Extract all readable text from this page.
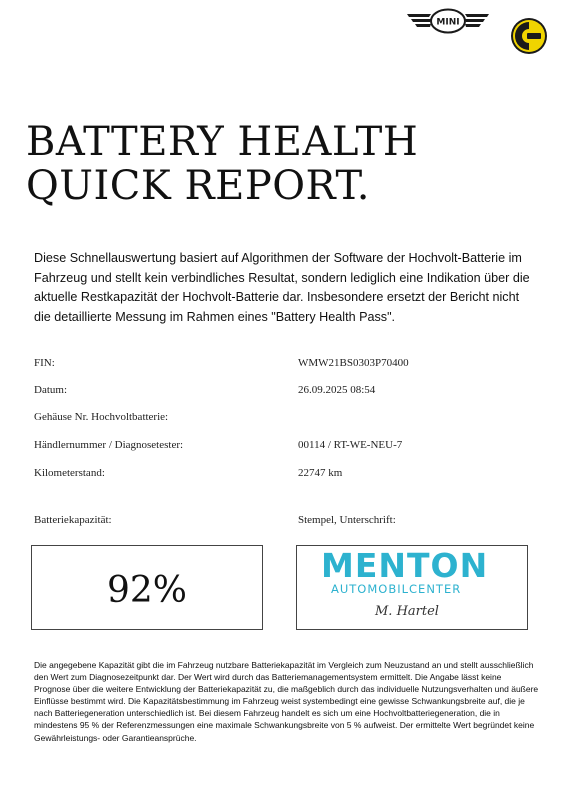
MINI
BATTERY HEALTH
QUICK REPORT.

Diese Schnellauswertung basiert auf Algorithmen der Software der Hochvolt-Batterie im Fahrzeug und stellt kein verbindliches Resultat, sondern lediglich eine Indikation über die aktuelle Restkapazität der Hochvolt-Batterie dar. Insbesondere ersetzt der Bericht nicht die detaillierte Messung im Rahmen eines "Battery Health Pass".

FIN:	WMW21BS0303P70400
Datum:	26.09.2025 08:54
Gehäuse Nr. Hochvoltbatterie:
Händlernummer / Diagnosetester:	00114 / RT-WE-NEU-7
Kilometerstand:	22747 km
Batteriekapazität:	Stempel, Unterschrift:
92%
MENTON
AUTOMOBILCENTER
M. Hartel

Die angegebene Kapazität gibt die im Fahrzeug nutzbare Batteriekapazität im Vergleich zum Neuzustand an und stellt ausschließlich den Wert zum Diagnosezeitpunkt dar. Der Wert wird durch das Batteriemanagementsystem ermittelt. Die Angabe lässt keine Prognose über die weitere Entwicklung der Batteriekapazität zu, die maßgeblich durch das individuelle Nutzungsverhalten und äußere Einflüsse bestimmt wird. Die Kapazitätsbestimmung im Fahrzeug weist systembedingt eine gewisse Schwankungsbreite auf, die je nach Batteriegeneration unterschiedlich ist. Bei diesem Fahrzeug handelt es sich um eine Hochvoltbatteriegeneration, die in mindestens 95 % der Referenzmessungen eine maximale Schwankungsbreite von 5 % aufweist. Der ermittelte Wert begründet keine Gewährleistungs- oder Garantieansprüche.
